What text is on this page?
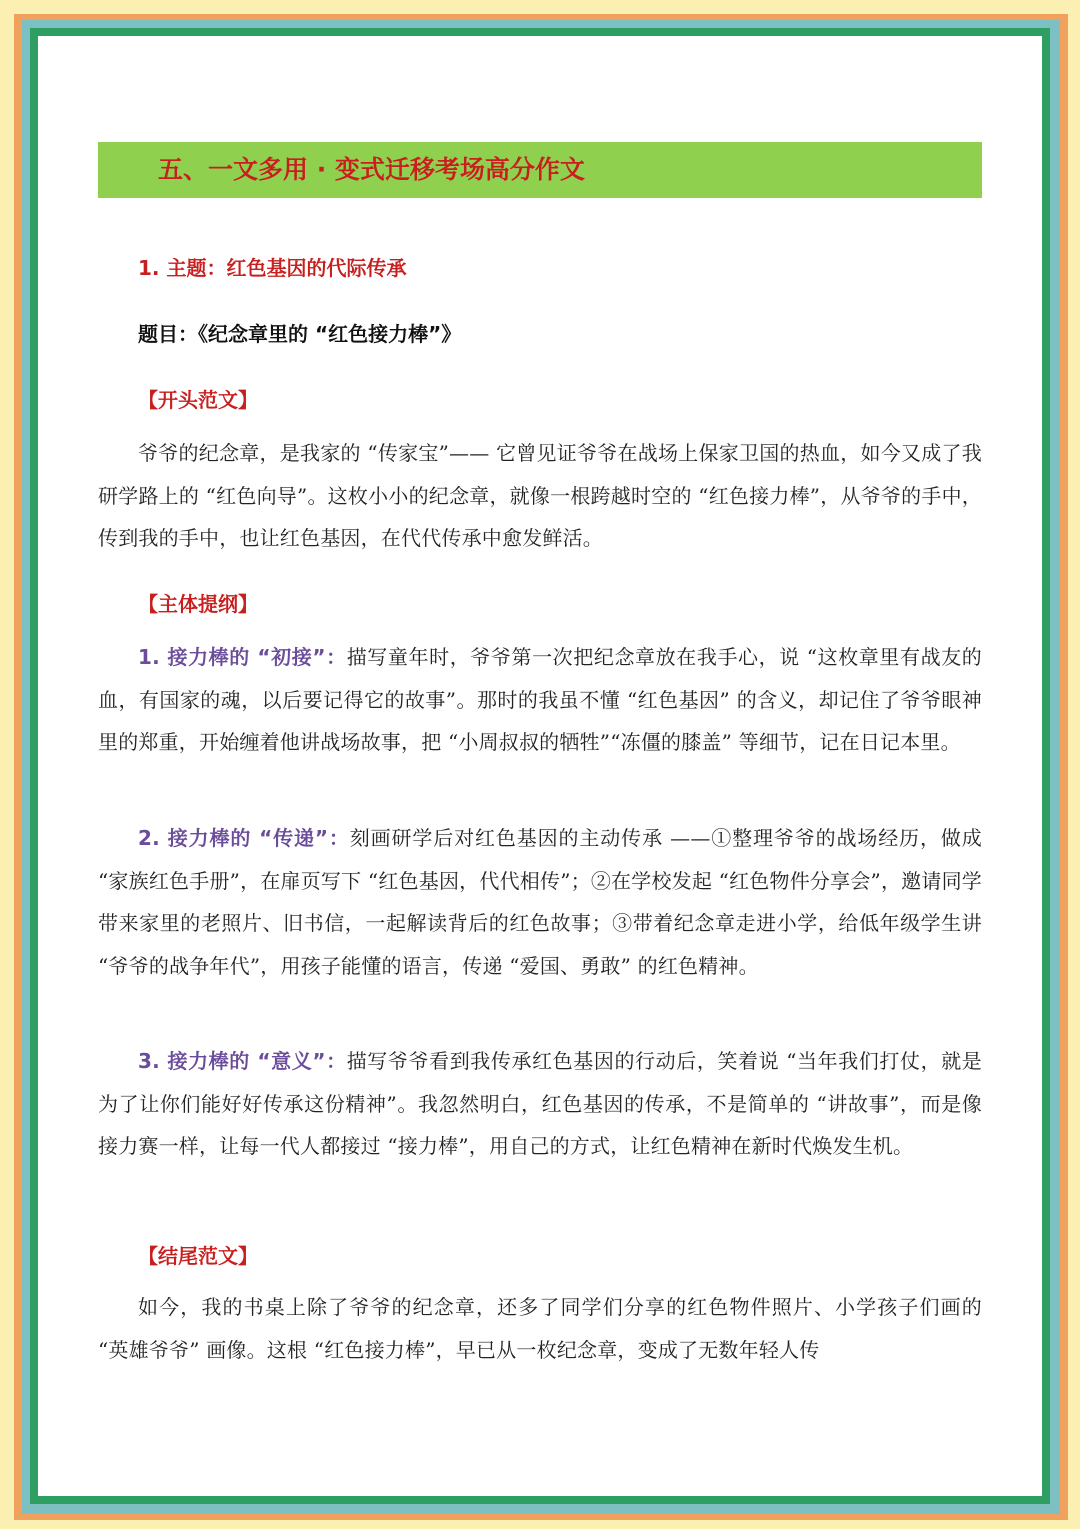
五、一文多用 · 变式迁移考场高分作文
1. 主题：红色基因的代际传承
题目：《纪念章里的 “红色接力棒”》
【开头范文】
爷爷的纪念章，是我家的 “传家宝”—— 它曾见证爷爷在战场上保家卫国的热血，如今又成了我研学路上的 “红色向导”。这枚小小的纪念章，就像一根跨越时空的 “红色接力棒”，从爷爷的手中，传到我的手中，也让红色基因，在代代传承中愈发鲜活。
【主体提纲】
1. 接力棒的 “初接”：描写童年时，爷爷第一次把纪念章放在我手心，说 “这枚章里有战友的血，有国家的魂，以后要记得它的故事”。那时的我虽不懂 “红色基因” 的含义，却记住了爷爷眼神里的郑重，开始缠着他讲战场故事，把 “小周叔叔的牺牲”“冻僵的膝盖” 等细节，记在日记本里。
2. 接力棒的 “传递”：刻画研学后对红色基因的主动传承 ——①整理爷爷的战场经历，做成 “家族红色手册”，在扉页写下 “红色基因，代代相传”；②在学校发起 “红色物件分享会”，邀请同学带来家里的老照片、旧书信，一起解读背后的红色故事；③带着纪念章走进小学，给低年级学生讲 “爷爷的战争年代”，用孩子能懂的语言，传递 “爱国、勇敢” 的红色精神。
3. 接力棒的 “意义”：描写爷爷看到我传承红色基因的行动后，笑着说 “当年我们打仗，就是为了让你们能好好传承这份精神”。我忽然明白，红色基因的传承，不是简单的 “讲故事”，而是像接力赛一样，让每一代人都接过 “接力棒”，用自己的方式，让红色精神在新时代焕发生机。
【结尾范文】
如今，我的书桌上除了爷爷的纪念章，还多了同学们分享的红色物件照片、小学孩子们画的 “英雄爷爷” 画像。这根 “红色接力棒”，早已从一枚纪念章，变成了无数年轻人传
